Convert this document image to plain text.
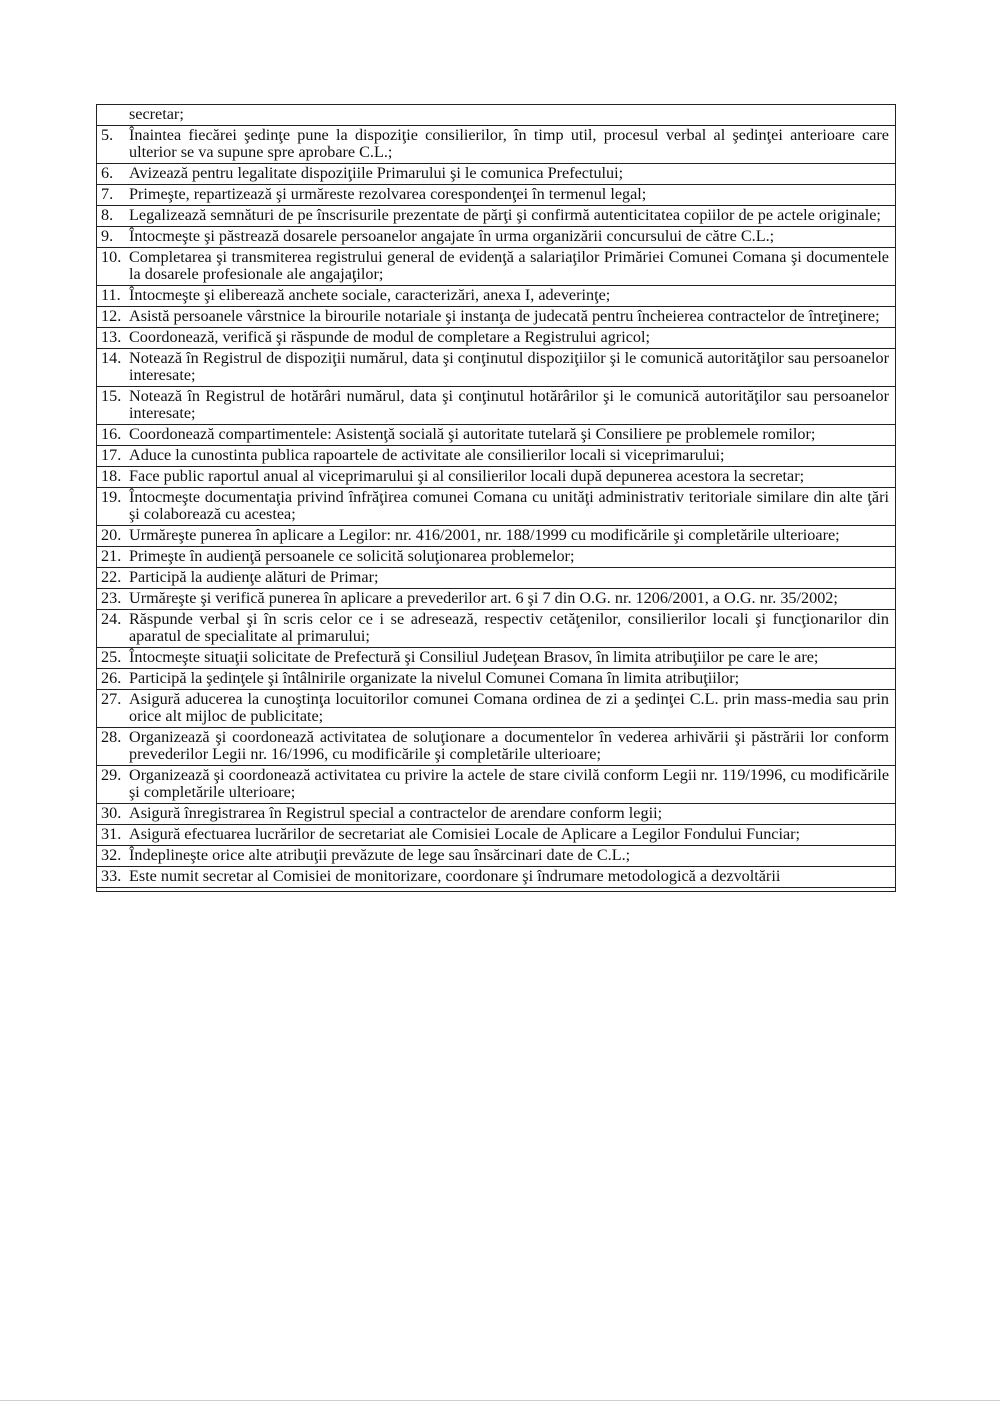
secretar;
5. Înaintea fiecărei şedinţe pune la dispoziţie consilierilor, în timp util, procesul verbal al şedinţei anterioare care ulterior se va supune spre aprobare C.L.;
6. Avizează pentru legalitate dispoziţiile Primarului şi le comunica Prefectului;
7. Primeşte, repartizează şi urmăreste rezolvarea corespondenţei în termenul legal;
8. Legalizează semnături de pe înscrisurile prezentate de părţi şi confirmă autenticitatea copiilor de pe actele originale;
9. Întocmeşte şi păstrează dosarele persoanelor angajate în urma organizării concursului de către C.L.;
10. Completarea şi transmiterea registrului general de evidenţă a salariaţilor Primăriei Comunei Comana şi documentele la dosarele profesionale ale angajaţilor;
11. Întocmeşte şi eliberează anchete sociale, caracterizări, anexa I, adeverinţe;
12. Asistă persoanele vârstnice la birourile notariale şi instanţa de judecată pentru încheierea contractelor de întreţinere;
13. Coordonează, verifică şi răspunde de modul de completare a Registrului agricol;
14. Notează în Registrul de dispoziţii numărul, data şi conţinutul dispoziţiilor şi le comunică autorităţilor sau persoanelor interesate;
15. Notează în Registrul de hotărâri numărul, data şi conţinutul hotărârilor şi le comunică autorităţilor sau persoanelor interesate;
16. Coordonează compartimentele: Asistenţă socială şi autoritate tutelară şi Consiliere pe problemele romilor;
17. Aduce la cunostinta publica rapoartele de activitate ale consilierilor locali si viceprimarului;
18. Face public raportul anual al viceprimarului şi al consilierilor locali după depunerea acestora la secretar;
19. Întocmeşte documentaţia privind înfrăţirea comunei Comana cu unităţi administrativ teritoriale similare din alte ţări şi colaborează cu acestea;
20. Urmăreşte punerea în aplicare a Legilor: nr. 416/2001, nr. 188/1999 cu modificările şi completările ulterioare;
21. Primeşte în audienţă persoanele ce solicită soluţionarea problemelor;
22. Participă la audienţe alături de Primar;
23. Urmăreşte şi verifică punerea în aplicare a prevederilor art. 6 şi 7 din O.G. nr. 1206/2001, a O.G. nr. 35/2002;
24. Răspunde verbal şi în scris celor ce i se adresează, respectiv cetăţenilor, consilierilor locali şi funcţionarilor din aparatul de specialitate al primarului;
25. Întocmeşte situaţii solicitate de Prefectură şi Consiliul Judeţean Brasov, în limita atribuţiilor pe care le are;
26. Participă la şedinţele şi întâlnirile organizate la nivelul Comunei Comana în limita atribuţiilor;
27. Asigură aducerea la cunoştinţa locuitorilor comunei Comana ordinea de zi a şedinţei C.L. prin mass-media sau prin orice alt mijloc de publicitate;
28. Organizează şi coordonează activitatea de soluţionare a documentelor în vederea arhivării şi păstrării lor conform prevederilor Legii nr. 16/1996, cu modificările şi completările ulterioare;
29. Organizează şi coordonează activitatea cu privire la actele de stare civilă conform Legii nr. 119/1996, cu modificările şi completările ulterioare;
30. Asigură înregistrarea în Registrul special a contractelor de arendare conform legii;
31. Asigură efectuarea lucrărilor de secretariat ale Comisiei Locale de Aplicare a Legilor Fondului Funciar;
32. Îndeplineşte orice alte atribuţii prevăzute de lege sau însărcinari date de C.L.;
33. Este numit secretar al Comisiei de monitorizare, coordonare şi îndrumare metodologică a dezvoltării
